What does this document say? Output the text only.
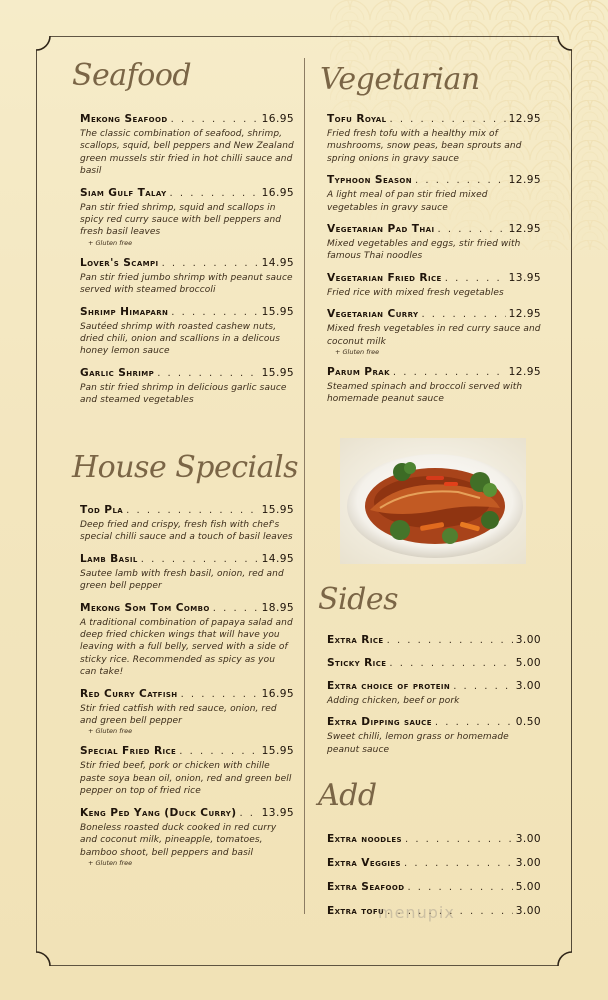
Seafood
Mekong Seafood . . .	16.95
The classic combination of seafood, shrimp, scallops, squid, bell peppers and New Zealand green mussels stir fried in hot chilli sauce and basil
Siam Gulf Talay . . .	16.95
Pan stir fried shrimp, squid and scallops in spicy red curry sauce with bell peppers and fresh basil leaves
+ Gluten free
Lover's Scampi . . .	14.95
Pan stir fried jumbo shrimp with peanut sauce served with steamed broccoli
Shrimp Himaparn . . .	15.95
Sautéed shrimp with roasted cashew nuts, dried chili, onion and scallions in a delicous honey lemon sauce
Garlic Shrimp . . .	15.95
Pan stir fried shrimp in delicious garlic sauce and steamed vegetables
House Specials
Tod Pla . . .	15.95
Deep fried and crispy, fresh fish with chef's special chilli sauce and a touch of basil leaves
Lamb Basil . . .	14.95
Sautee lamb with fresh basil, onion, red and green bell pepper
Mekong Som Tom Combo . . .	18.95
A traditional combination of papaya salad and deep fried chicken wings that will have you leaving with a full belly, served with a side of sticky rice. Recommended as spicy as you can take!
Red Curry Catfish . . .	16.95
Stir fried catfish with red sauce, onion, red and green bell pepper
+ Gluten free
Special Fried Rice . . .	15.95
Stir fried beef, pork or chicken with chille paste soya bean oil, onion, red and green bell pepper on top of fried rice
Keng Ped Yang (Duck Curry) . . . 13.95
Boneless roasted duck cooked in red curry and coconut milk, pineapple, tomatoes, bamboo shoot, bell peppers and basil
+ Gluten free
Vegetarian
Tofu Royal . . .	12.95
Fried fresh tofu with a healthy mix of mushrooms, snow peas, bean sprouts and spring onions in gravy sauce
Typhoon Season . . .	12.95
A light meal of pan stir fried mixed vegetables in gravy sauce
Vegetarian Pad Thai . . .	12.95
Mixed vegetables and eggs, stir fried with famous Thai noodles
Vegetarian Fried Rice . . .	13.95
Fried rice with mixed fresh vegetables
Vegetarian Curry . . .	12.95
Mixed fresh vegetables in red curry sauce and coconut milk
+ Gluten free
Parum Prak . . .	12.95
Steamed spinach and broccoli served with homemade peanut sauce
Sides
Extra Rice . . .	3.00
Sticky Rice . . .	5.00
Extra choice of protein . . .	3.00
Adding chicken, beef or pork
Extra Dipping sauce . . .	0.50
Sweet chilli, lemon grass or homemade peanut sauce
Add
Extra noodles . . .	3.00
Extra Veggies . . .	3.00
Extra Seafood . . .	5.00
Extra tofu . . .	3.00
menupix
